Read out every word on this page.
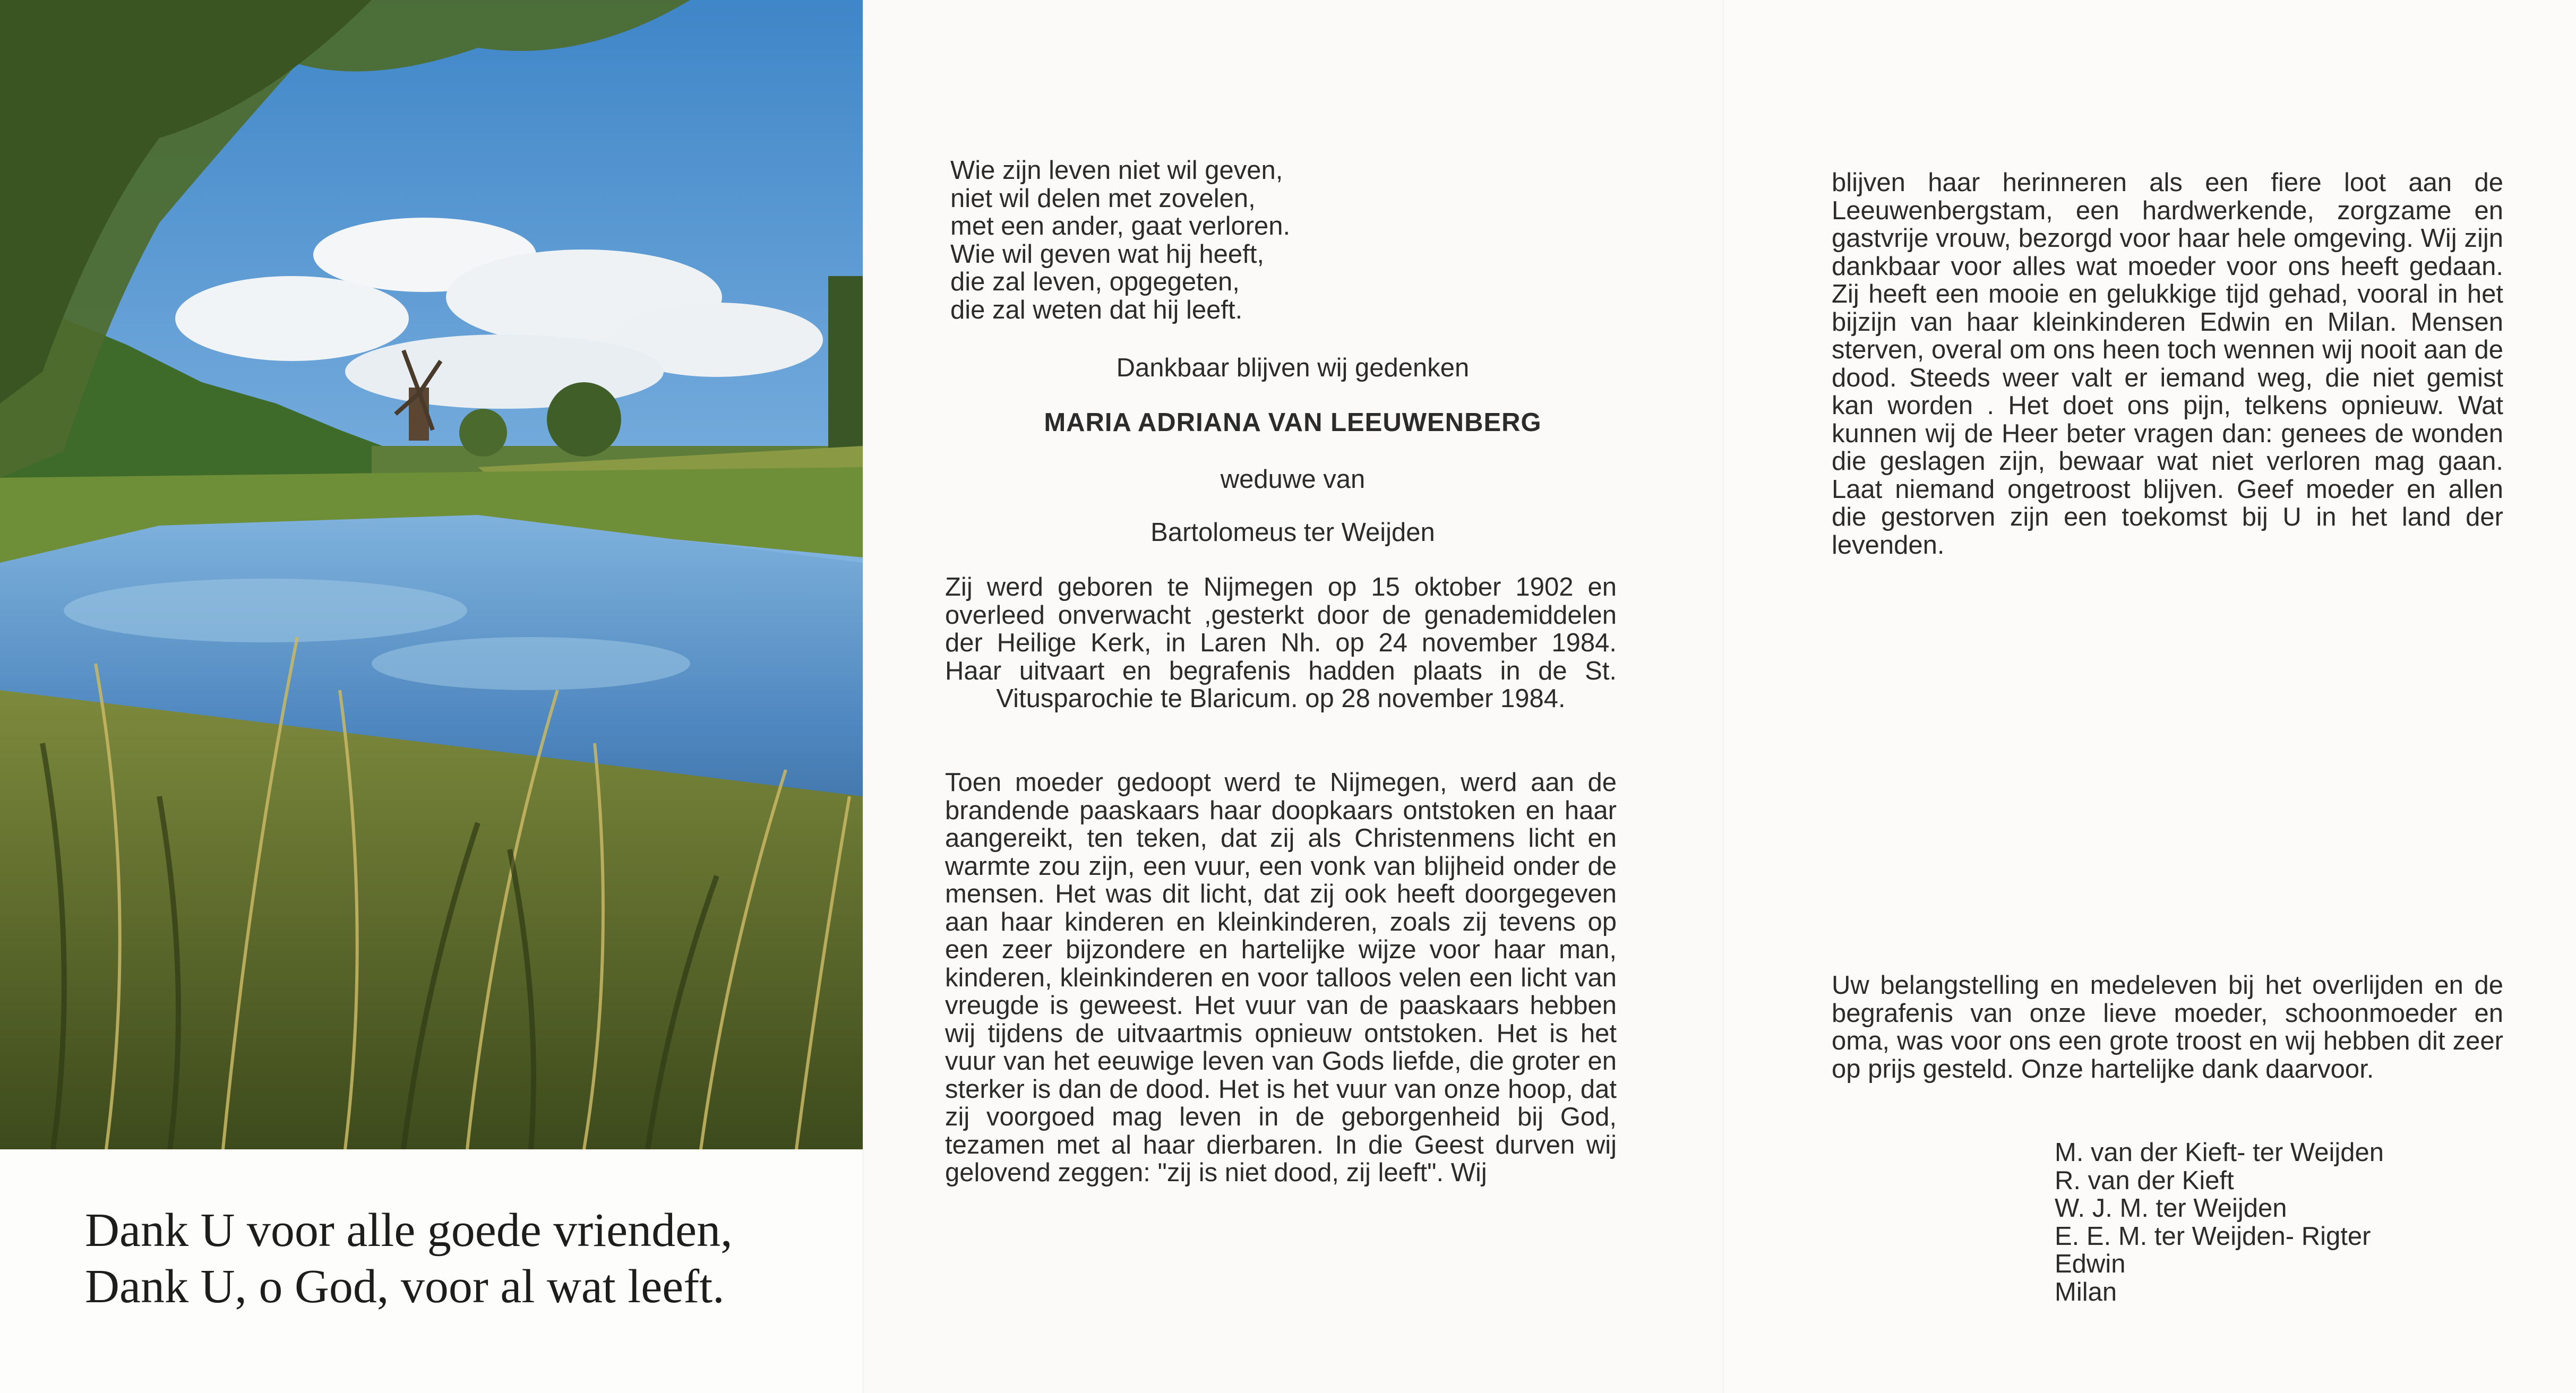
Dank U voor alle goede vrienden,
Dank U, o God, voor al wat leeft.
Wie zijn leven niet wil geven,
niet wil delen met zovelen,
met een ander, gaat verloren.
Wie wil geven wat hij heeft,
die zal leven, opgegeten,
die zal weten dat hij leeft.
Dankbaar blijven wij gedenken
MARIA ADRIANA VAN LEEUWENBERG
weduwe van
Bartolomeus ter Weijden
Zij werd geboren te Nijmegen op 15 oktober 1902 en overleed onverwacht ,gesterkt door de genademiddelen der Heilige Kerk, in Laren Nh. op 24 november 1984. Haar uitvaart en begrafenis hadden plaats in de St. Vitusparochie te Blaricum. op 28 november 1984.
Toen moeder gedoopt werd te Nijmegen, werd aan de brandende paaskaars haar doopkaars ontstoken en haar aangereikt, ten teken, dat zij als Christenmens licht en warmte zou zijn, een vuur, een vonk van blijheid onder de mensen. Het was dit licht, dat zij ook heeft doorgegeven aan haar kinderen en kleinkinderen, zoals zij tevens op een zeer bijzondere en hartelijke wijze voor haar man, kinderen, kleinkinderen en voor talloos velen een licht van vreugde is geweest. Het vuur van de paaskaars hebben wij tijdens de uitvaartmis opnieuw ontstoken. Het is het vuur van het eeuwige leven van Gods liefde, die groter en sterker is dan de dood. Het is het vuur van onze hoop, dat zij voorgoed mag leven in de geborgenheid bij God, tezamen met al haar dierbaren. In die Geest durven wij gelovend zeggen: "zij is niet dood, zij leeft". Wij
blijven haar herinneren als een fiere loot aan de Leeuwenbergstam, een hardwerkende, zorgzame en gastvrije vrouw, bezorgd voor haar hele omgeving. Wij zijn dankbaar voor alles wat moeder voor ons heeft gedaan. Zij heeft een mooie en gelukkige tijd gehad, vooral in het bijzijn van haar kleinkinderen Edwin en Milan. Mensen sterven, overal om ons heen toch wennen wij nooit aan de dood. Steeds weer valt er iemand weg, die niet gemist kan worden . Het doet ons pijn, telkens opnieuw. Wat kunnen wij de Heer beter vragen dan: genees de wonden die geslagen zijn, bewaar wat niet verloren mag gaan. Laat niemand ongetroost blijven. Geef moeder en allen die gestorven zijn een toekomst bij U in het land der levenden.
Uw belangstelling en medeleven bij het overlijden en de begrafenis van onze lieve moeder, schoonmoeder en oma, was voor ons een grote troost en wij hebben dit zeer op prijs gesteld. Onze hartelijke dank daarvoor.
M. van der Kieft- ter Weijden
R. van der Kieft
W. J. M. ter Weijden
E. E. M. ter Weijden- Rigter
Edwin
Milan
